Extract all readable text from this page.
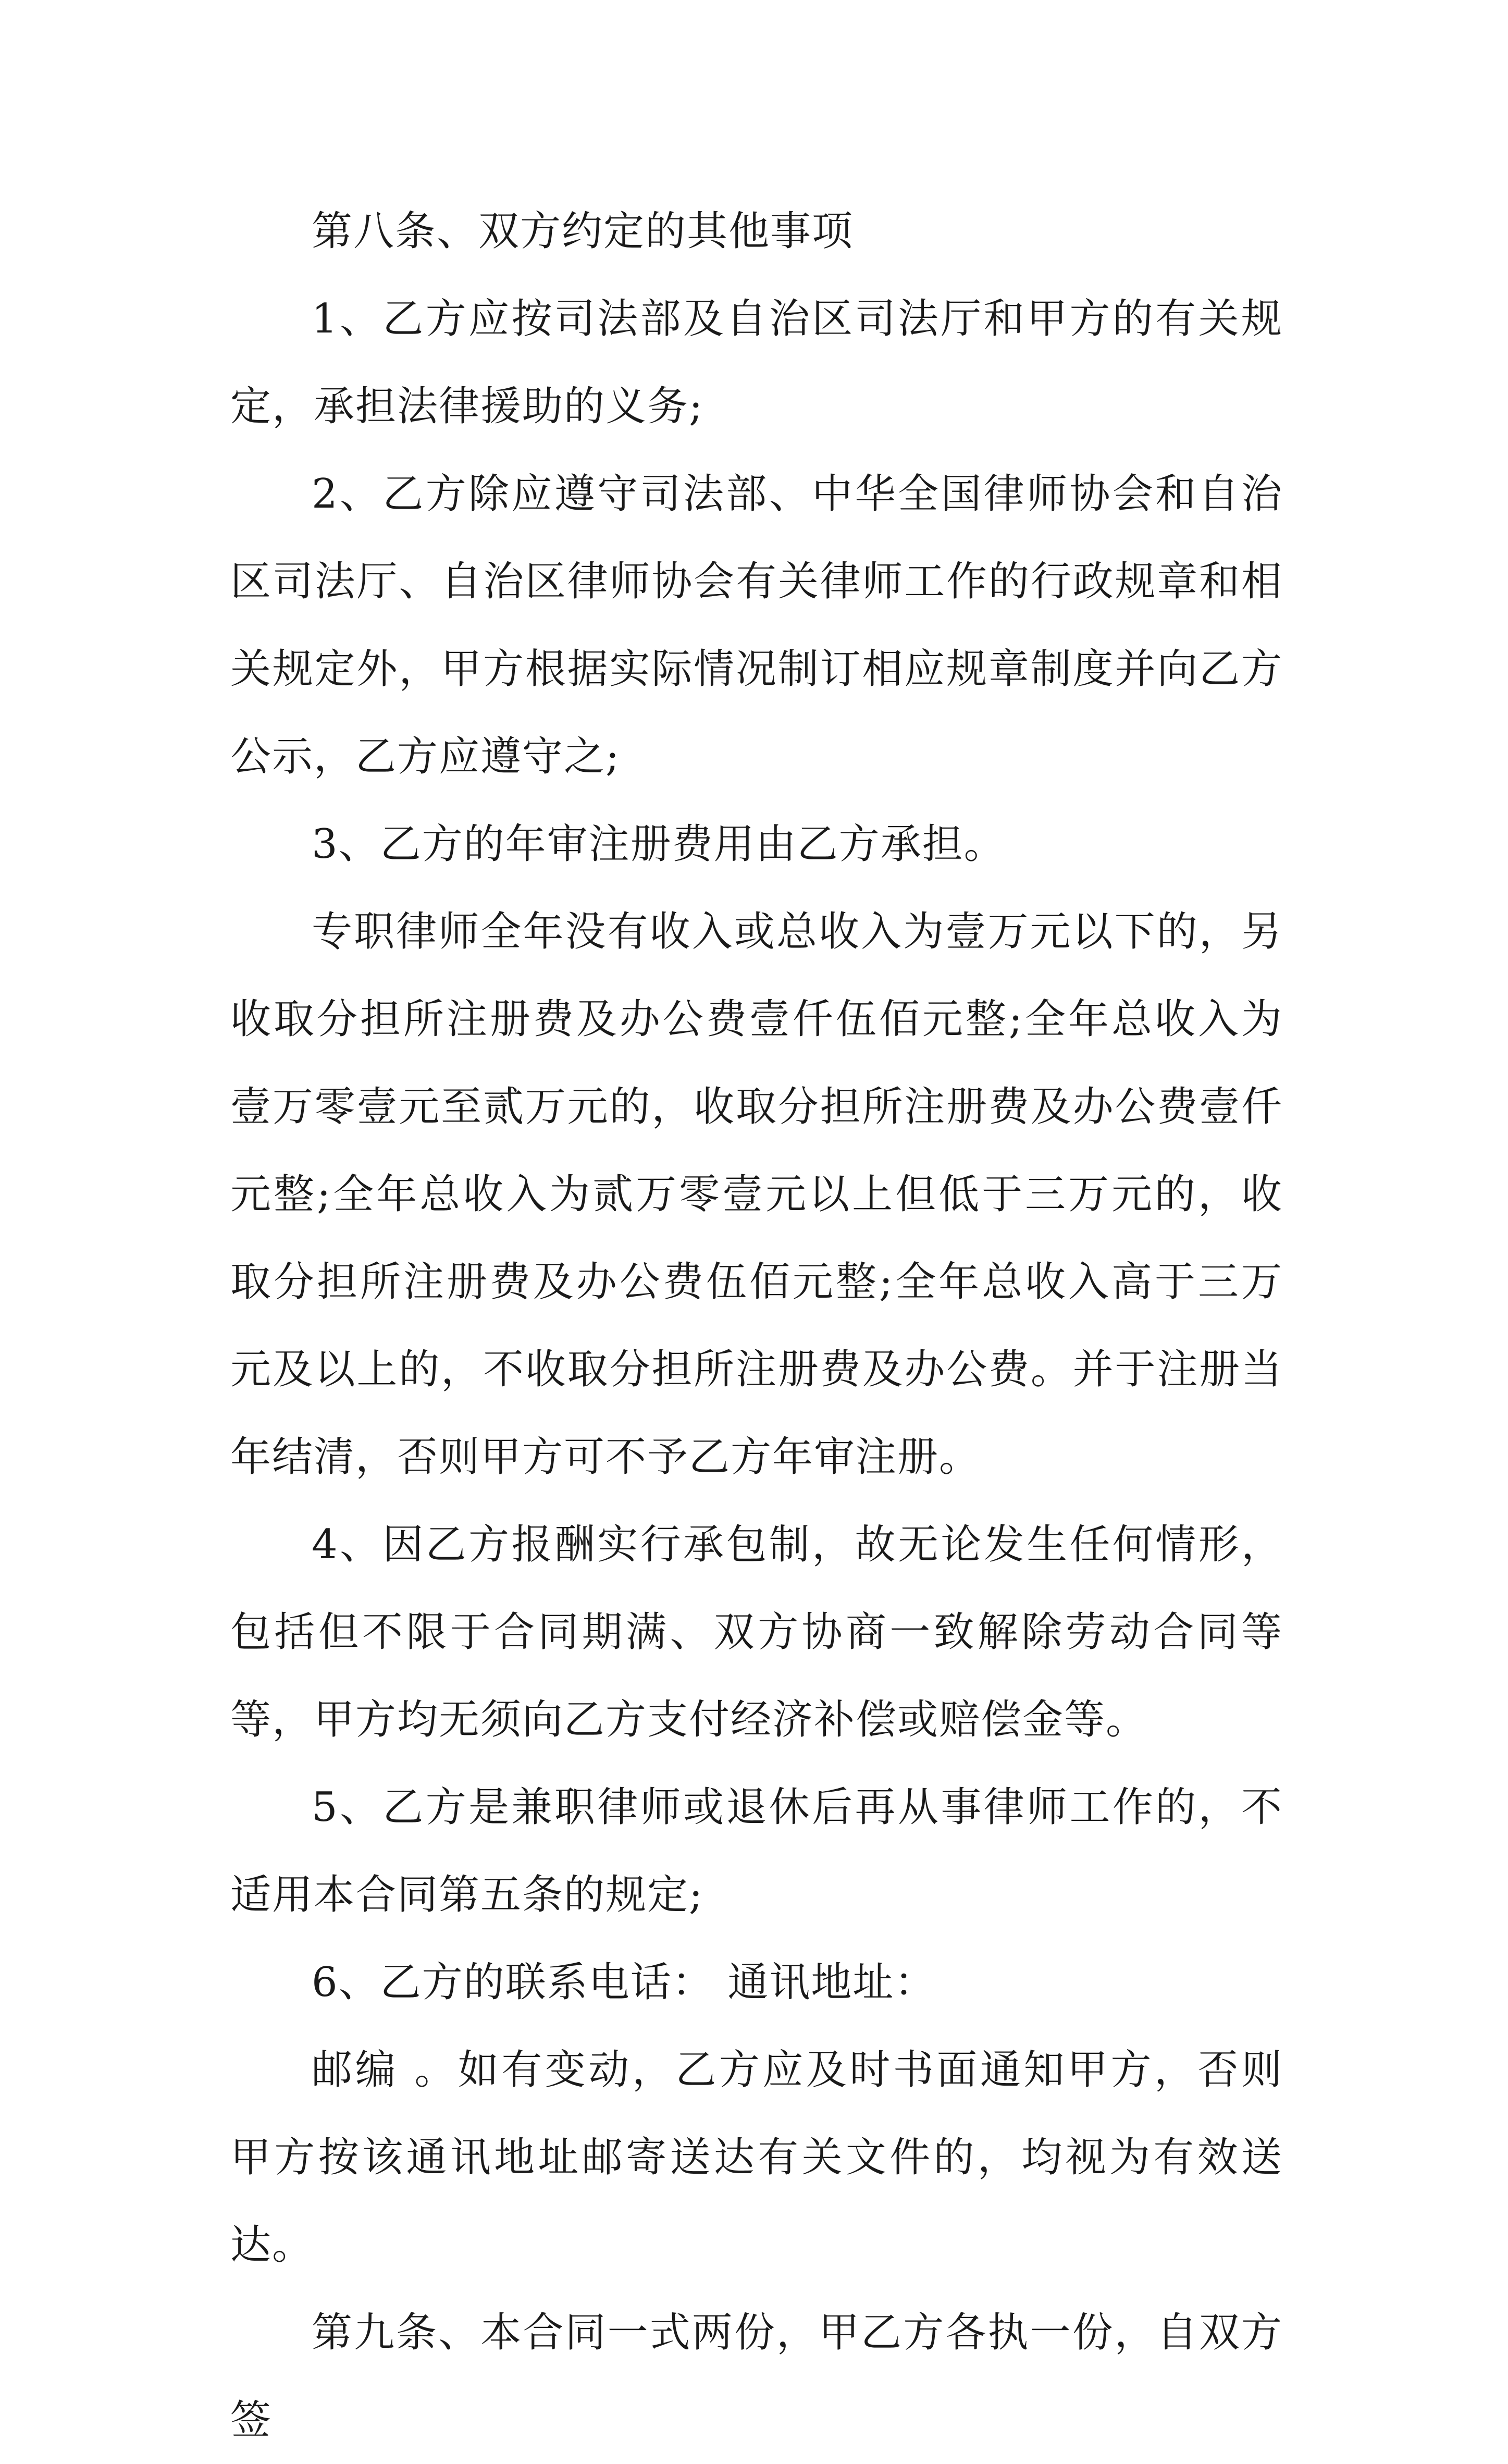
第八条、双方约定的其他事项

1、乙方应按司法部及自治区司法厅和甲方的有关规定，承担法律援助的义务;

2、乙方除应遵守司法部、中华全国律师协会和自治区司法厅、自治区律师协会有关律师工作的行政规章和相关规定外，甲方根据实际情况制订相应规章制度并向乙方公示，乙方应遵守之;

3、乙方的年审注册费用由乙方承担。

专职律师全年没有收入或总收入为壹万元以下的，另收取分担所注册费及办公费壹仟伍佰元整;全年总收入为壹万零壹元至贰万元的，收取分担所注册费及办公费壹仟元整;全年总收入为贰万零壹元以上但低于三万元的，收取分担所注册费及办公费伍佰元整;全年总收入高于三万元及以上的，不收取分担所注册费及办公费。并于注册当年结清，否则甲方可不予乙方年审注册。

4、因乙方报酬实行承包制，故无论发生任何情形，包括但不限于合同期满、双方协商一致解除劳动合同等等，甲方均无须向乙方支付经济补偿或赔偿金等。

5、乙方是兼职律师或退休后再从事律师工作的，不适用本合同第五条的规定;

6、乙方的联系电话： 通讯地址：

邮编 。如有变动，乙方应及时书面通知甲方，否则甲方按该通讯地址邮寄送达有关文件的，均视为有效送达。

第九条、本合同一式两份，甲乙方各执一份，自双方签
